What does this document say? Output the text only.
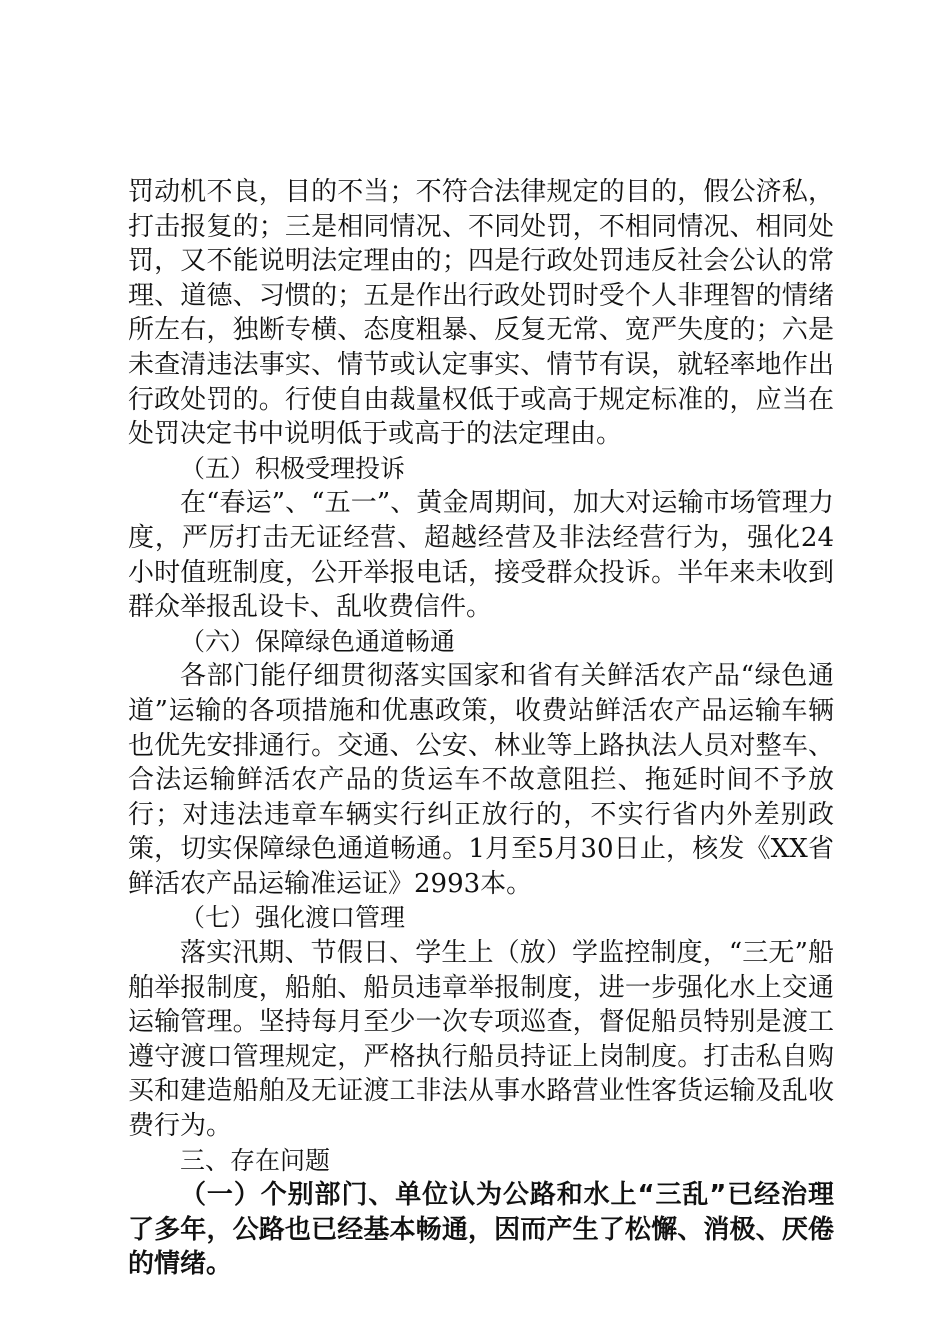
罚动机不良，目的不当；不符合法律规定的目的，假公济私，打击报复的；三是相同情况、不同处罚，不相同情况、相同处罚，又不能说明法定理由的；四是行政处罚违反社会公认的常理、道德、习惯的；五是作出行政处罚时受个人非理智的情绪所左右，独断专横、态度粗暴、反复无常、宽严失度的；六是未查清违法事实、情节或认定事实、情节有误，就轻率地作出行政处罚的。行使自由裁量权低于或高于规定标准的，应当在处罚决定书中说明低于或高于的法定理由。

（五）积极受理投诉

在“春运”、“五一”、黄金周期间，加大对运输市场管理力度，严厉打击无证经营、超越经营及非法经营行为，强化24小时值班制度，公开举报电话，接受群众投诉。半年来未收到群众举报乱设卡、乱收费信件。

（六）保障绿色通道畅通

各部门能仔细贯彻落实国家和省有关鲜活农产品“绿色通道”运输的各项措施和优惠政策，收费站鲜活农产品运输车辆也优先安排通行。交通、公安、林业等上路执法人员对整车、合法运输鲜活农产品的货运车不故意阻拦、拖延时间不予放行；对违法违章车辆实行纠正放行的，不实行省内外差别政策，切实保障绿色通道畅通。1月至5月30日止，核发《XX省鲜活农产品运输准运证》2993本。

（七）强化渡口管理

落实汛期、节假日、学生上（放）学监控制度，“三无”船舶举报制度，船舶、船员违章举报制度，进一步强化水上交通运输管理。坚持每月至少一次专项巡查，督促船员特别是渡工遵守渡口管理规定，严格执行船员持证上岗制度。打击私自购买和建造船舶及无证渡工非法从事水路营业性客货运输及乱收费行为。

三、存在问题

（一）个别部门、单位认为公路和水上“三乱”已经治理了多年，公路也已经基本畅通，因而产生了松懈、消极、厌倦的情绪。
